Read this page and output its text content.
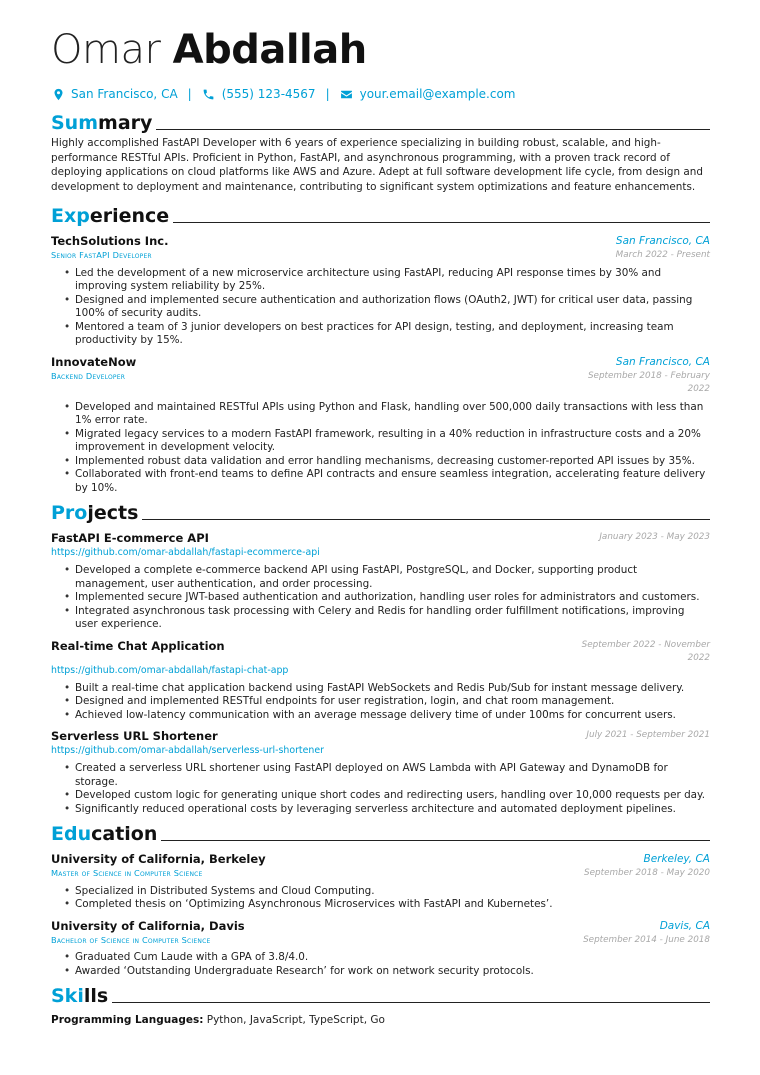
Omar Abdallah
San Francisco, CA |	(555) 123-4567 |	your.email@example.com
Sum mary

Highly accomplished FastAPI Developer with 6 years of experience specializing in building robust, scalable, and high-performance RESTful APIs. Proficient in Python, FastAPI, and asynchronous programming, with a proven track record of deploying applications on cloud platforms like AWS and Azure. Adept at full software development life cycle, from design and development to deployment and maintenance, contributing to significant system optimizations and feature enhancements.

Exp erience
TechSolutions Inc.
Senior FastAPI Developer
San Francisco, CA
March 2022 - Present
• Led the development of a new microservice architecture using FastAPI, reducing API response times by 30% and improving system reliability by 25%.
• Designed and implemented secure authentication and authorization flows (OAuth2, JWT) for critical user data, passing 100% of security audits.
• Mentored a team of 3 junior developers on best practices for API design, testing, and deployment, increasing team productivity by 15%.
InnovateNow
Backend Developer
San Francisco, CA
September 2018 - February 2022
• Developed and maintained RESTful APIs using Python and Flask, handling over 500,000 daily transactions with less than 1% error rate.
• Migrated legacy services to a modern FastAPI framework, resulting in a 40% reduction in infrastructure costs and a 20% improvement in development velocity.
• Implemented robust data validation and error handling mechanisms, decreasing customer-reported API issues by 35%.
• Collaborated with front-end teams to define API contracts and ensure seamless integration, accelerating feature delivery by 10%.
Pro jects
FastAPI E-commerce API
https://github.com/omar-abdallah/fastapi-ecommerce-api
January 2023 - May 2023
• Developed a complete e-commerce backend API using FastAPI, PostgreSQL, and Docker, supporting product management, user authentication, and order processing.
• Implemented secure JWT-based authentication and authorization, handling user roles for administrators and customers.
• Integrated asynchronous task processing with Celery and Redis for handling order fulfillment notifications, improving user experience.
Real-time Chat Application	September 2022 - November 2022
https://github.com/omar-abdallah/fastapi-chat-app
• Built a real-time chat application backend using FastAPI WebSockets and Redis Pub/Sub for instant message delivery.
• Designed and implemented RESTful endpoints for user registration, login, and chat room management.
• Achieved low-latency communication with an average message delivery time of under 100ms for concurrent users.
Serverless URL Shortener
https://github.com/omar-abdallah/serverless-url-shortener
July 2021 - September 2021
• Created a serverless URL shortener using FastAPI deployed on AWS Lambda with API Gateway and DynamoDB for storage.
• Developed custom logic for generating unique short codes and redirecting users, handling over 10,000 requests per day.
• Significantly reduced operational costs by leveraging serverless architecture and automated deployment pipelines.
Edu cation
University of California, Berkeley
Master of Science in Computer Science
Berkeley, CA
September 2018 - May 2020
• Specialized in Distributed Systems and Cloud Computing.
• Completed thesis on ‘Optimizing Asynchronous Microservices with FastAPI and Kubernetes’.
University of California, Davis
Bachelor of Science in Computer Science
Davis, CA
September 2014 - June 2018
• Graduated Cum Laude with a GPA of 3.8/4.0.
• Awarded ‘Outstanding Undergraduate Research’ for work on network security protocols.
Ski lls
Programming Languages: Python, JavaScript, TypeScript, Go
